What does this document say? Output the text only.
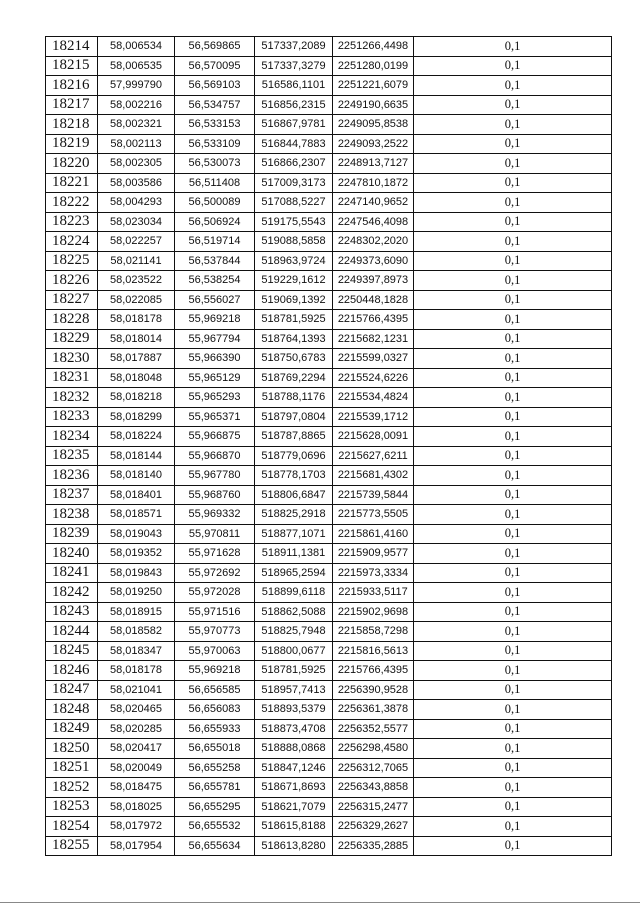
18214	58,006534	56,569865	517337,2089	2251266,4498	0,1
18215	58,006535	56,570095	517337,3279	2251280,0199	0,1
18216	57,999790	56,569103	516586,1101	2251221,6079	0,1
18217	58,002216	56,534757	516856,2315	2249190,6635	0,1
18218	58,002321	56,533153	516867,9781	2249095,8538	0,1
18219	58,002113	56,533109	516844,7883	2249093,2522	0,1
18220	58,002305	56,530073	516866,2307	2248913,7127	0,1
18221	58,003586	56,511408	517009,3173	2247810,1872	0,1
18222	58,004293	56,500089	517088,5227	2247140,9652	0,1
18223	58,023034	56,506924	519175,5543	2247546,4098	0,1
18224	58,022257	56,519714	519088,5858	2248302,2020	0,1
18225	58,021141	56,537844	518963,9724	2249373,6090	0,1
18226	58,023522	56,538254	519229,1612	2249397,8973	0,1
18227	58,022085	56,556027	519069,1392	2250448,1828	0,1
18228	58,018178	55,969218	518781,5925	2215766,4395	0,1
18229	58,018014	55,967794	518764,1393	2215682,1231	0,1
18230	58,017887	55,966390	518750,6783	2215599,0327	0,1
18231	58,018048	55,965129	518769,2294	2215524,6226	0,1
18232	58,018218	55,965293	518788,1176	2215534,4824	0,1
18233	58,018299	55,965371	518797,0804	2215539,1712	0,1
18234	58,018224	55,966875	518787,8865	2215628,0091	0,1
18235	58,018144	55,966870	518779,0696	2215627,6211	0,1
18236	58,018140	55,967780	518778,1703	2215681,4302	0,1
18237	58,018401	55,968760	518806,6847	2215739,5844	0,1
18238	58,018571	55,969332	518825,2918	2215773,5505	0,1
18239	58,019043	55,970811	518877,1071	2215861,4160	0,1
18240	58,019352	55,971628	518911,1381	2215909,9577	0,1
18241	58,019843	55,972692	518965,2594	2215973,3334	0,1
18242	58,019250	55,972028	518899,6118	2215933,5117	0,1
18243	58,018915	55,971516	518862,5088	2215902,9698	0,1
18244	58,018582	55,970773	518825,7948	2215858,7298	0,1
18245	58,018347	55,970063	518800,0677	2215816,5613	0,1
18246	58,018178	55,969218	518781,5925	2215766,4395	0,1
18247	58,021041	56,656585	518957,7413	2256390,9528	0,1
18248	58,020465	56,656083	518893,5379	2256361,3878	0,1
18249	58,020285	56,655933	518873,4708	2256352,5577	0,1
18250	58,020417	56,655018	518888,0868	2256298,4580	0,1
18251	58,020049	56,655258	518847,1246	2256312,7065	0,1
18252	58,018475	56,655781	518671,8693	2256343,8858	0,1
18253	58,018025	56,655295	518621,7079	2256315,2477	0,1
18254	58,017972	56,655532	518615,8188	2256329,2627	0,1
18255	58,017954	56,655634	518613,8280	2256335,2885	0,1
